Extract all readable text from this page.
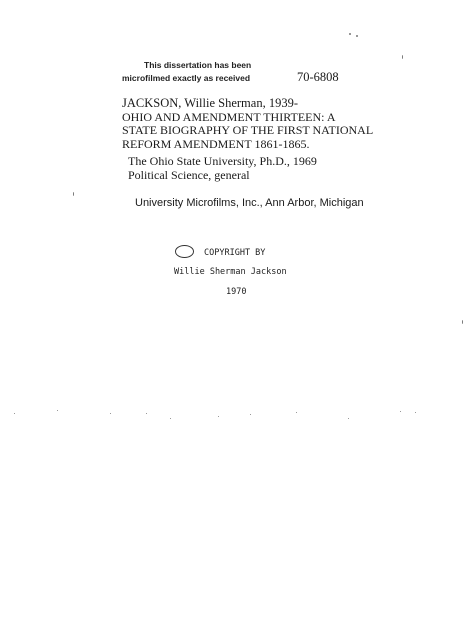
This dissertation has been
microfilmed exactly as received	70-6808
JACKSON, Willie Sherman, 1939-
OHIO AND AMENDMENT THIRTEEN: A
STATE BIOGRAPHY OF THE FIRST NATIONAL
REFORM AMENDMENT 1861-1865.
The Ohio State University, Ph.D., 1969
Political Science, general
University Microfilms, Inc., Ann Arbor, Michigan
COPYRIGHT BY
Willie Sherman Jackson
1970
